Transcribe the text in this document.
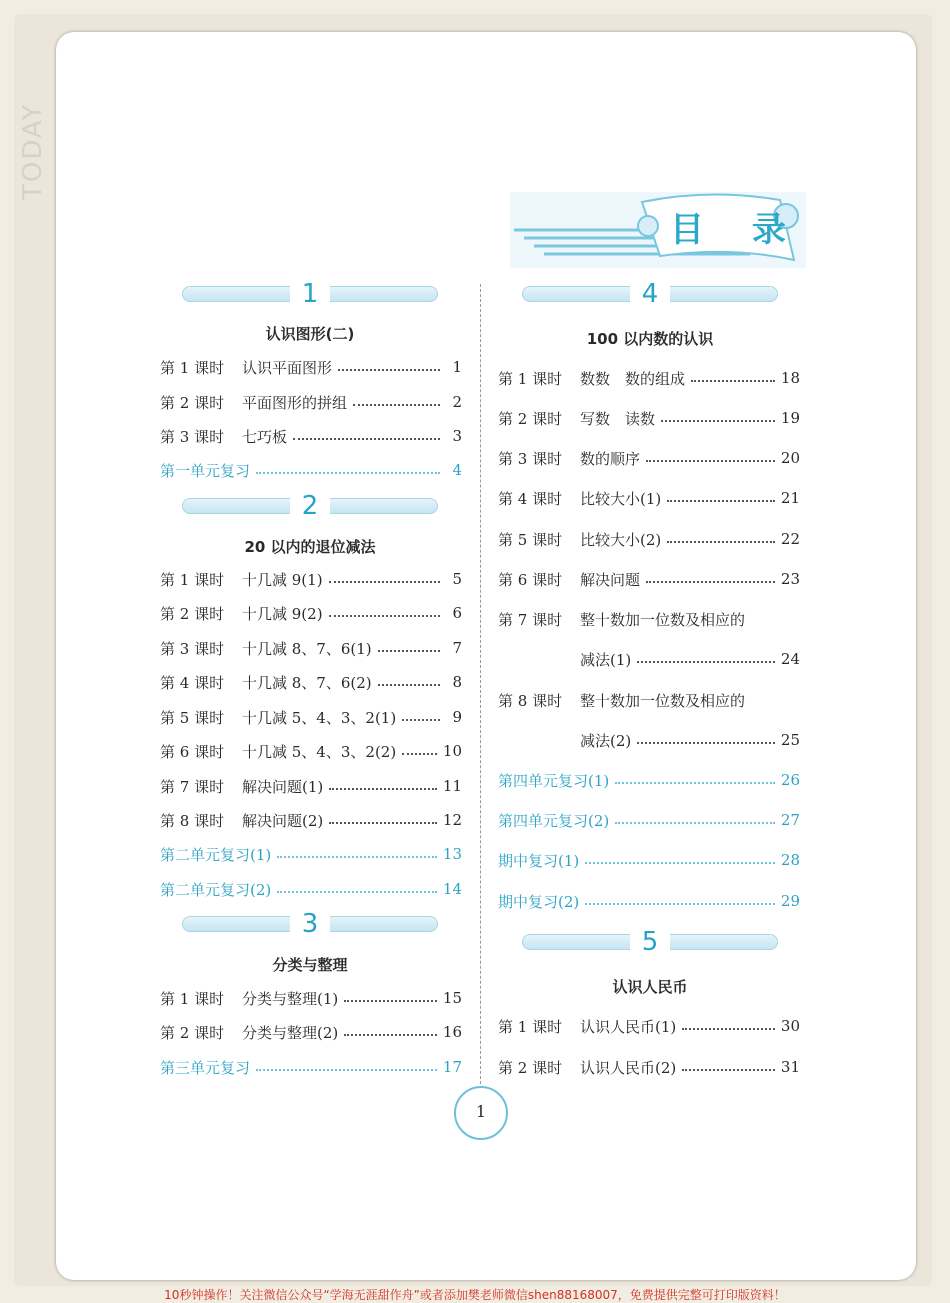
TODAY
目 录
1
认识图形(二)
2
20 以内的退位减法
3
分类与整理
4
100 以内数的认识
5
认识人民币
第 1 课时	认识平面图形	1
第 2 课时	平面图形的拼组	2
第 3 课时	七巧板	3
第一单元复习	4
第 1 课时	十几减 9(1)	5
第 2 课时	十几减 9(2)	6
第 3 课时	十几减 8、7、6(1)	7
第 4 课时	十几减 8、7、6(2)	8
第 5 课时	十几减 5、4、3、2(1)	9
第 6 课时	十几减 5、4、3、2(2)	10
第 7 课时	解决问题(1)	11
第 8 课时	解决问题(2)	12
第二单元复习(1)	13
第二单元复习(2)	14
第 1 课时	分类与整理(1)	15
第 2 课时	分类与整理(2)	16
第三单元复习	17
第 1 课时	数数　数的组成	18
第 2 课时	写数　读数	19
第 3 课时	数的顺序	20
第 4 课时	比较大小(1)	21
第 5 课时	比较大小(2)	22
第 6 课时	解决问题	23
第 7 课时	整十数加一位数及相应的
减法(1)	24
第 8 课时	整十数加一位数及相应的
减法(2)	25
第四单元复习(1)	26
第四单元复习(2)	27
期中复习(1)	28
期中复习(2)	29
第 1 课时	认识人民币(1)	30
第 2 课时	认识人民币(2)	31
1
10秒钟操作！关注微信公众号“学海无涯甜作舟”或者添加樊老师微信shen88168007，免费提供完整可打印版资料！
